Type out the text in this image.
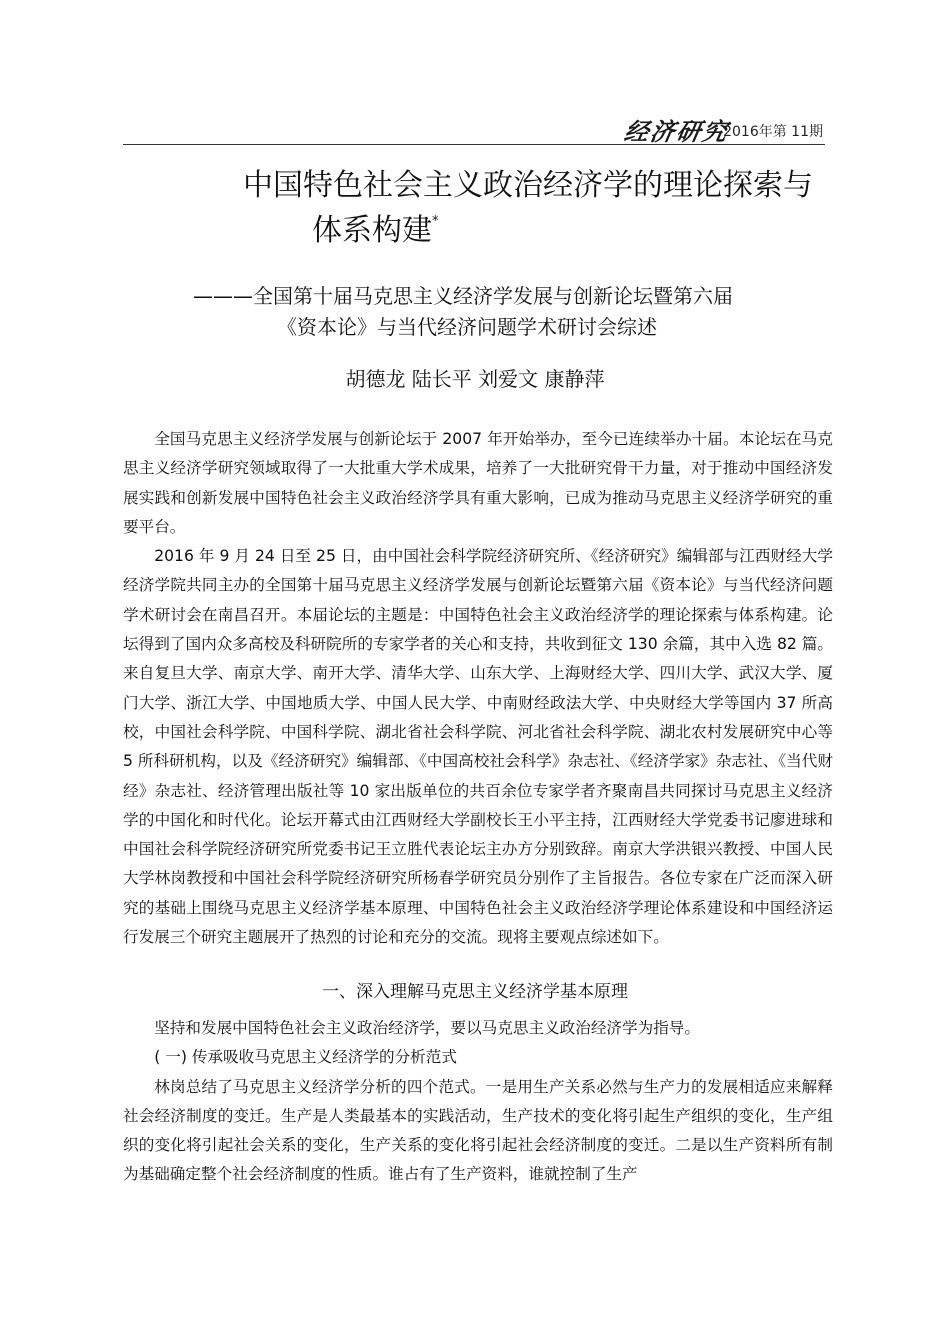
经济研究
2016年第 11期
中国特色社会主义政治经济学的理论探索与
体系构建*
———全国第十届马克思主义经济学发展与创新论坛暨第六届
《资本论》与当代经济问题学术研讨会综述
胡德龙 陆长平 刘爱文 康静萍

全国马克思主义经济学发展与创新论坛于 2007 年开始举办，至今已连续举办十届。本论坛在马克思主义经济学研究领域取得了一大批重大学术成果，培养了一大批研究骨干力量，对于推动中国经济发展实践和创新发展中国特色社会主义政治经济学具有重大影响，已成为推动马克思主义经济学研究的重要平台。

2016 年 9 月 24 日至 25 日，由中国社会科学院经济研究所、《经济研究》编辑部与江西财经大学经济学院共同主办的全国第十届马克思主义经济学发展与创新论坛暨第六届《资本论》与当代经济问题学术研讨会在南昌召开。本届论坛的主题是：中国特色社会主义政治经济学的理论探索与体系构建。论坛得到了国内众多高校及科研院所的专家学者的关心和支持，共收到征文 130 余篇，其中入选 82 篇。来自复旦大学、南京大学、南开大学、清华大学、山东大学、上海财经大学、四川大学、武汉大学、厦门大学、浙江大学、中国地质大学、中国人民大学、中南财经政法大学、中央财经大学等国内 37 所高校，中国社会科学院、中国科学院、湖北省社会科学院、河北省社会科学院、湖北农村发展研究中心等 5 所科研机构，以及《经济研究》编辑部、《中国高校社会科学》杂志社、《经济学家》杂志社、《当代财经》杂志社、经济管理出版社等 10 家出版单位的共百余位专家学者齐聚南昌共同探讨马克思主义经济学的中国化和时代化。论坛开幕式由江西财经大学副校长王小平主持，江西财经大学党委书记廖进球和中国社会科学院经济研究所党委书记王立胜代表论坛主办方分别致辞。南京大学洪银兴教授、中国人民大学林岗教授和中国社会科学院经济研究所杨春学研究员分别作了主旨报告。各位专家在广泛而深入研究的基础上围绕马克思主义经济学基本原理、中国特色社会主义政治经济学理论体系建设和中国经济运行发展三个研究主题展开了热烈的讨论和充分的交流。现将主要观点综述如下。

一、深入理解马克思主义经济学基本原理

坚持和发展中国特色社会主义政治经济学，要以马克思主义政治经济学为指导。

( 一) 传承吸收马克思主义经济学的分析范式

林岗总结了马克思主义经济学分析的四个范式。一是用生产关系必然与生产力的发展相适应来解释社会经济制度的变迁。生产是人类最基本的实践活动，生产技术的变化将引起生产组织的变化，生产组织的变化将引起社会关系的变化，生产关系的变化将引起社会经济制度的变迁。二是以生产资料所有制为基础确定整个社会经济制度的性质。谁占有了生产资料，谁就控制了生产
